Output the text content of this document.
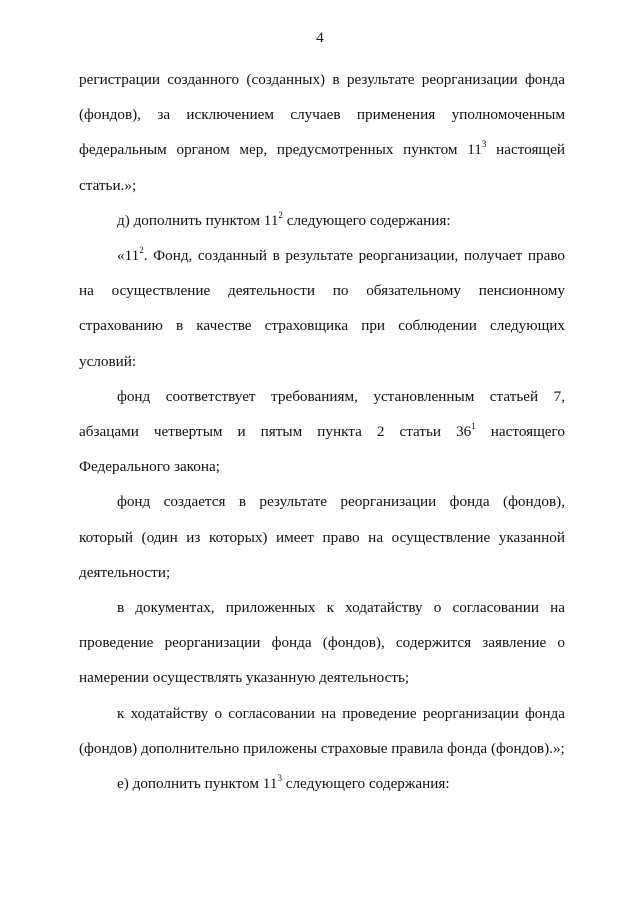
4

регистрации созданного (созданных) в результате реорганизации фонда (фондов), за исключением случаев применения уполномоченным федеральным органом мер, предусмотренных пунктом $11^3$ настоящей статьи.»;

д) дополнить пунктом $11^2$ следующего содержания:

«$11^2$. Фонд, созданный в результате реорганизации, получает право на осуществление деятельности по обязательному пенсионному страхованию в качестве страховщика при соблюдении следующих условий:

фонд соответствует требованиям, установленным статьей 7, абзацами четвертым и пятым пункта 2 статьи $36^1$ настоящего Федерального закона;

фонд создается в результате реорганизации фонда (фондов), который (один из которых) имеет право на осуществление указанной деятельности;

в документах, приложенных к ходатайству о согласовании на проведение реорганизации фонда (фондов), содержится заявление о намерении осуществлять указанную деятельность;

к ходатайству о согласовании на проведение реорганизации фонда (фондов) дополнительно приложены страховые правила фонда (фондов).»;

е) дополнить пунктом $11^3$ следующего содержания:
